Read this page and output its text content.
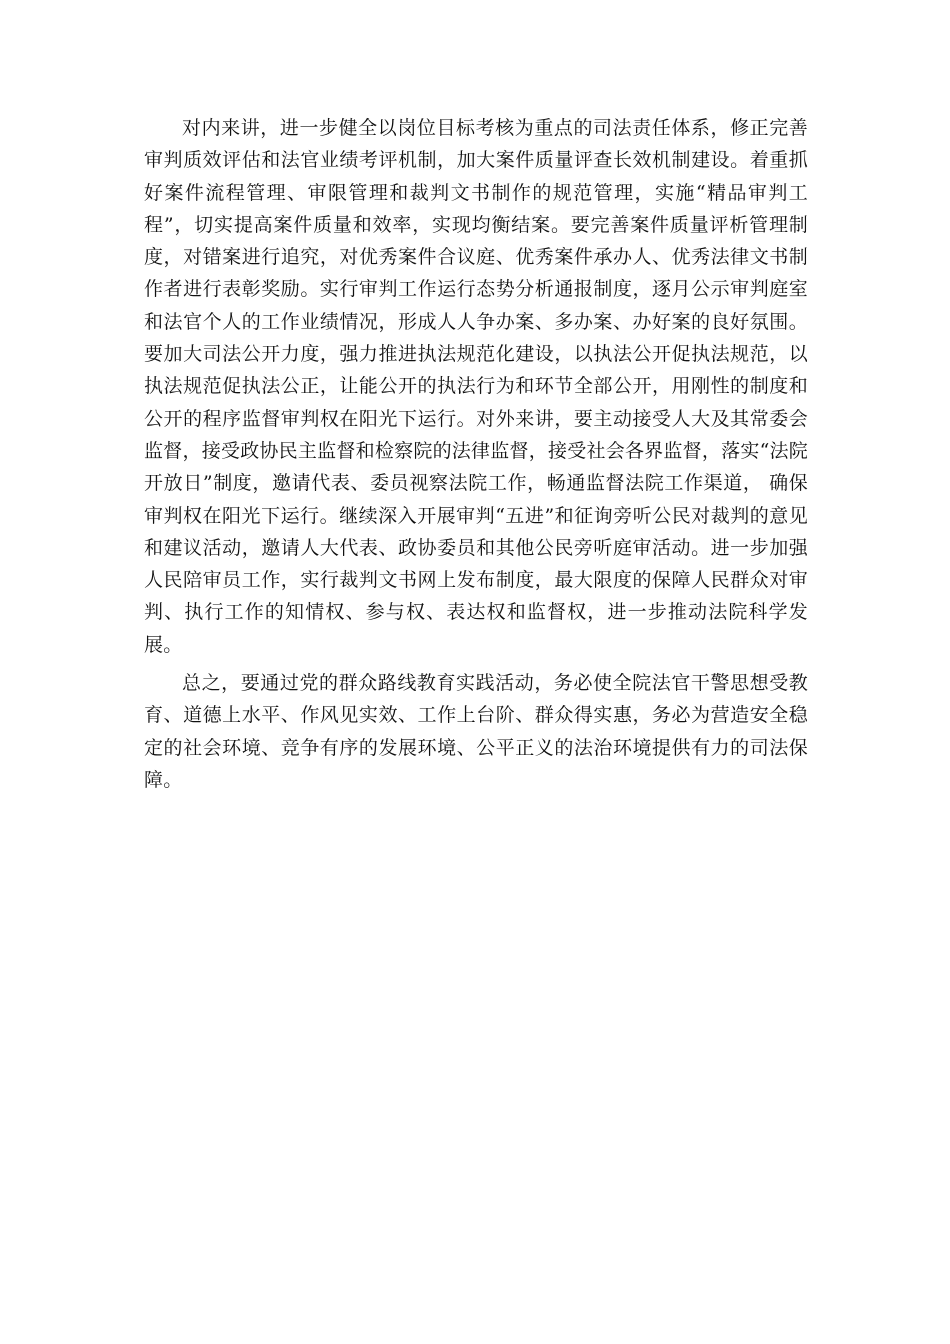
对内来讲，进一步健全以岗位目标考核为重点的司法责任体系，修正完善审判质效评估和法官业绩考评机制，加大案件质量评查长效机制建设。着重抓好案件流程管理、审限管理和裁判文书制作的规范管理，实施“精品审判工程”，切实提高案件质量和效率，实现均衡结案。要完善案件质量评析管理制度，对错案进行追究，对优秀案件合议庭、优秀案件承办人、优秀法律文书制作者进行表彰奖励。实行审判工作运行态势分析通报制度，逐月公示审判庭室和法官个人的工作业绩情况，形成人人争办案、多办案、办好案的良好氛围。要加大司法公开力度，强力推进执法规范化建设，以执法公开促执法规范，以执法规范促执法公正，让能公开的执法行为和环节全部公开，用刚性的制度和公开的程序监督审判权在阳光下运行。对外来讲，要主动接受人大及其常委会监督，接受政协民主监督和检察院的法律监督，接受社会各界监督，落实“法院开放日”制度，邀请代表、委员视察法院工作，畅通监督法院工作渠道， 确保审判权在阳光下运行。继续深入开展审判“五进”和征询旁听公民对裁判的意见和建议活动，邀请人大代表、政协委员和其他公民旁听庭审活动。进一步加强人民陪审员工作，实行裁判文书网上发布制度，最大限度的保障人民群众对审判、执行工作的知情权、参与权、表达权和监督权，进一步推动法院科学发展。

总之，要通过党的群众路线教育实践活动，务必使全院法官干警思想受教育、道德上水平、作风见实效、工作上台阶、群众得实惠，务必为营造安全稳定的社会环境、竞争有序的发展环境、公平正义的法治环境提供有力的司法保障。
